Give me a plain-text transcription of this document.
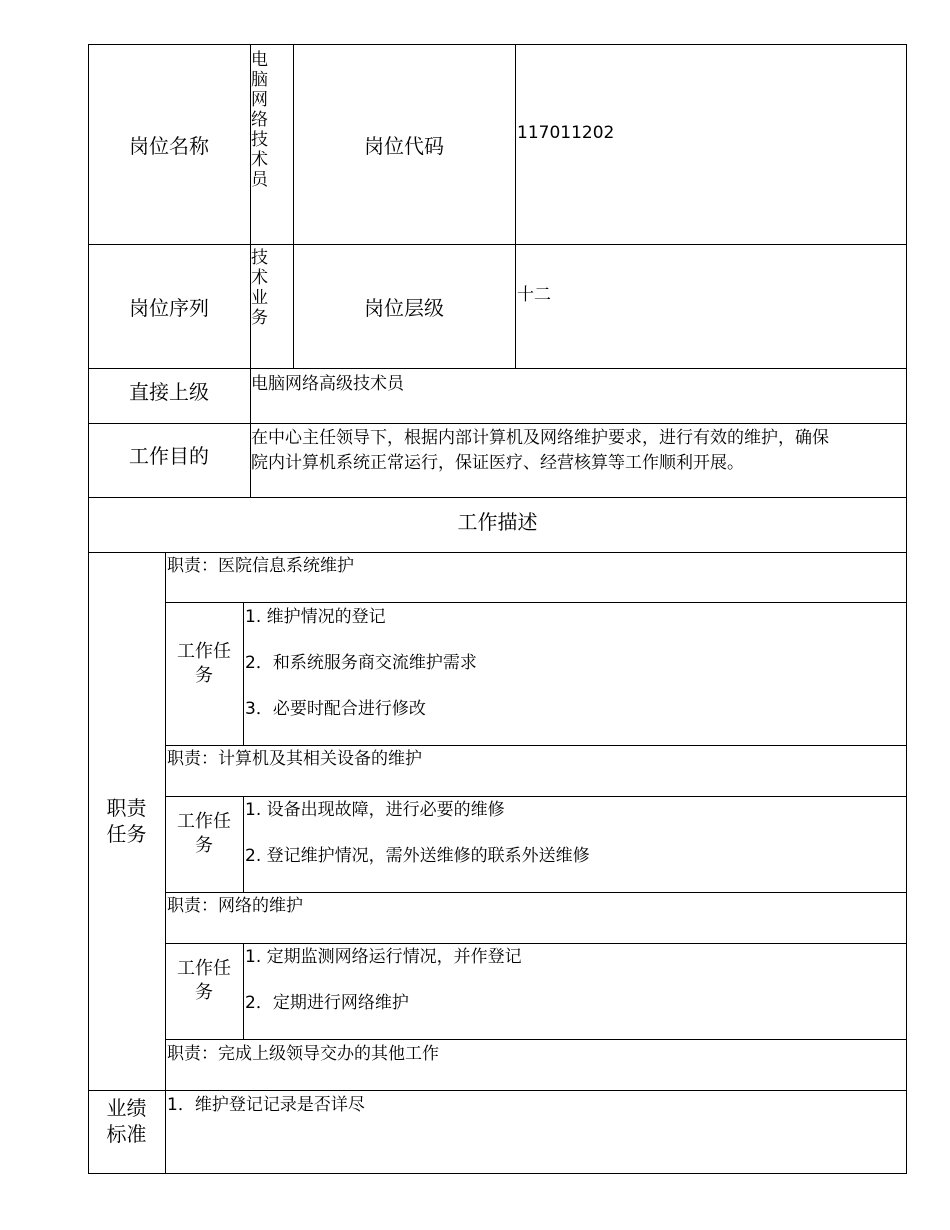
岗位名称
电脑网络技术员
岗位代码
117011202
岗位序列
技术业务	岗位层级
十二
直接上级	电脑网络高级技术员
工作目的
在中心主任领导下，根据内部计算机及网络维护要求，进行有效的维护，确保
院内计算机系统正常运行，保证医疗、经营核算等工作顺利开展。
工作描述
职责任务
职责：医院信息系统维护
工作任务
1. 维护情况的登记
2．和系统服务商交流维护需求
3．必要时配合进行修改
职责：计算机及其相关设备的维护
工作任务
1. 设备出现故障，进行必要的维修
2. 登记维护情况，需外送维修的联系外送维修
职责：网络的维护
工作任务
1. 定期监测网络运行情况，并作登记
2．定期进行网络维护
职责：完成上级领导交办的其他工作
业绩标准
1．维护登记记录是否详尽
